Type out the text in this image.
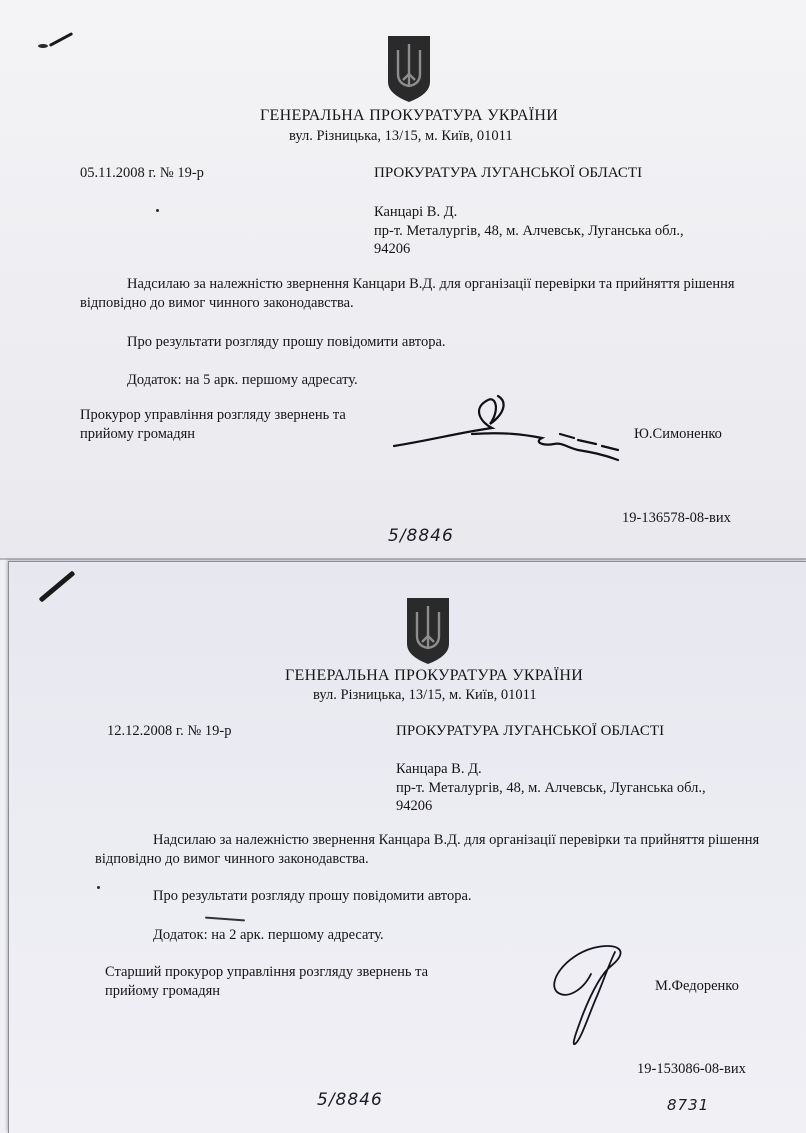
ГЕНЕРАЛЬНА ПРОКУРАТУРА УКРАЇНИ
вул. Різницька, 13/15, м. Київ, 01011
05.11.2008 г. № 19-р	ПРОКУРАТУРА ЛУГАНСЬКОЇ ОБЛАСТІ
Канцарі В. Д.
пр-т. Металургів, 48, м. Алчевськ, Луганська обл.,
94206
Надсилаю за належністю звернення Канцари В.Д. для організації перевірки та прийняття рішення відповідно до вимог чинного законодавства.
Про результати розгляду прошу повідомити автора.
Додаток: на 5 арк. першому адресату.
Прокурор управління розгляду звернень та прийому громадян	Ю.Симоненко
19-136578-08-вих
5/8846
ГЕНЕРАЛЬНА ПРОКУРАТУРА УКРАЇНИ
вул. Різницька, 13/15, м. Київ, 01011
12.12.2008 г. № 19-р	ПРОКУРАТУРА ЛУГАНСЬКОЇ ОБЛАСТІ
Канцара В. Д.
пр-т. Металургів, 48, м. Алчевськ, Луганська обл.,
94206
Надсилаю за належністю звернення Канцара В.Д. для організації перевірки та прийняття рішення відповідно до вимог чинного законодавства.
Про результати розгляду прошу повідомити автора.
Додаток: на 2 арк. першому адресату.
Старший прокурор управління розгляду звернень та прийому громадян	М.Федоренко
19-153086-08-вих
5/8846	8731
